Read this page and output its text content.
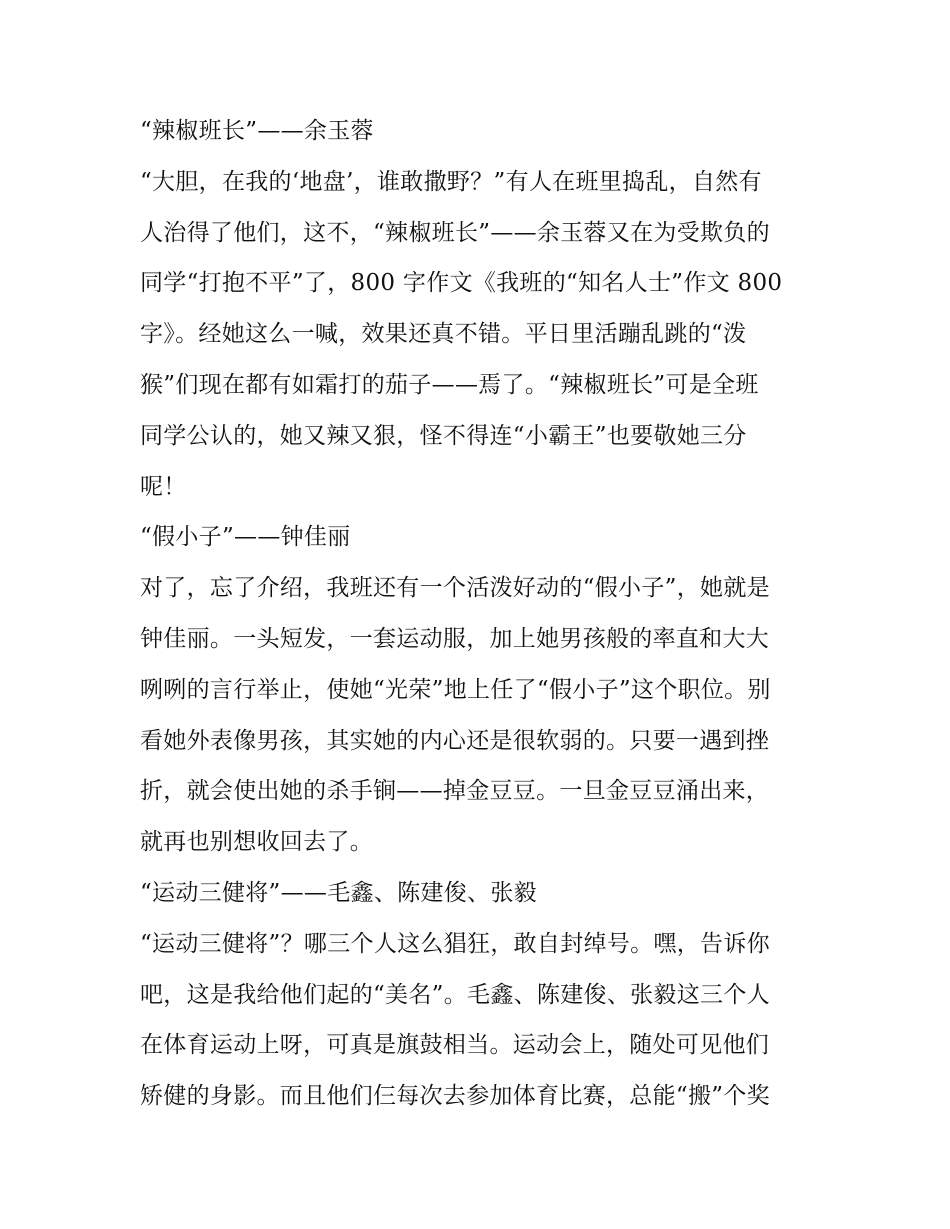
“辣椒班长”——余玉蓉
“大胆，在我的‘地盘’，谁敢撒野？”有人在班里捣乱，自然有
人治得了他们，这不，“辣椒班长”——余玉蓉又在为受欺负的
同学“打抱不平”了，800 字作文《我班的“知名人士”作文 800
字》。经她这么一喊，效果还真不错。平日里活蹦乱跳的“泼
猴”们现在都有如霜打的茄子——焉了。“辣椒班长”可是全班
同学公认的，她又辣又狠，怪不得连“小霸王”也要敬她三分
呢！
“假小子”——钟佳丽
对了，忘了介绍，我班还有一个活泼好动的“假小子”，她就是
钟佳丽。一头短发，一套运动服，加上她男孩般的率直和大大
咧咧的言行举止，使她“光荣”地上任了“假小子”这个职位。别
看她外表像男孩，其实她的内心还是很软弱的。只要一遇到挫
折，就会使出她的杀手锏——掉金豆豆。一旦金豆豆涌出来，
就再也别想收回去了。
“运动三健将”——毛鑫、陈建俊、张毅
“运动三健将”？哪三个人这么猖狂，敢自封绰号。嘿，告诉你
吧，这是我给他们起的“美名”。毛鑫、陈建俊、张毅这三个人
在体育运动上呀，可真是旗鼓相当。运动会上，随处可见他们
矫健的身影。而且他们仨每次去参加体育比赛，总能“搬”个奖
